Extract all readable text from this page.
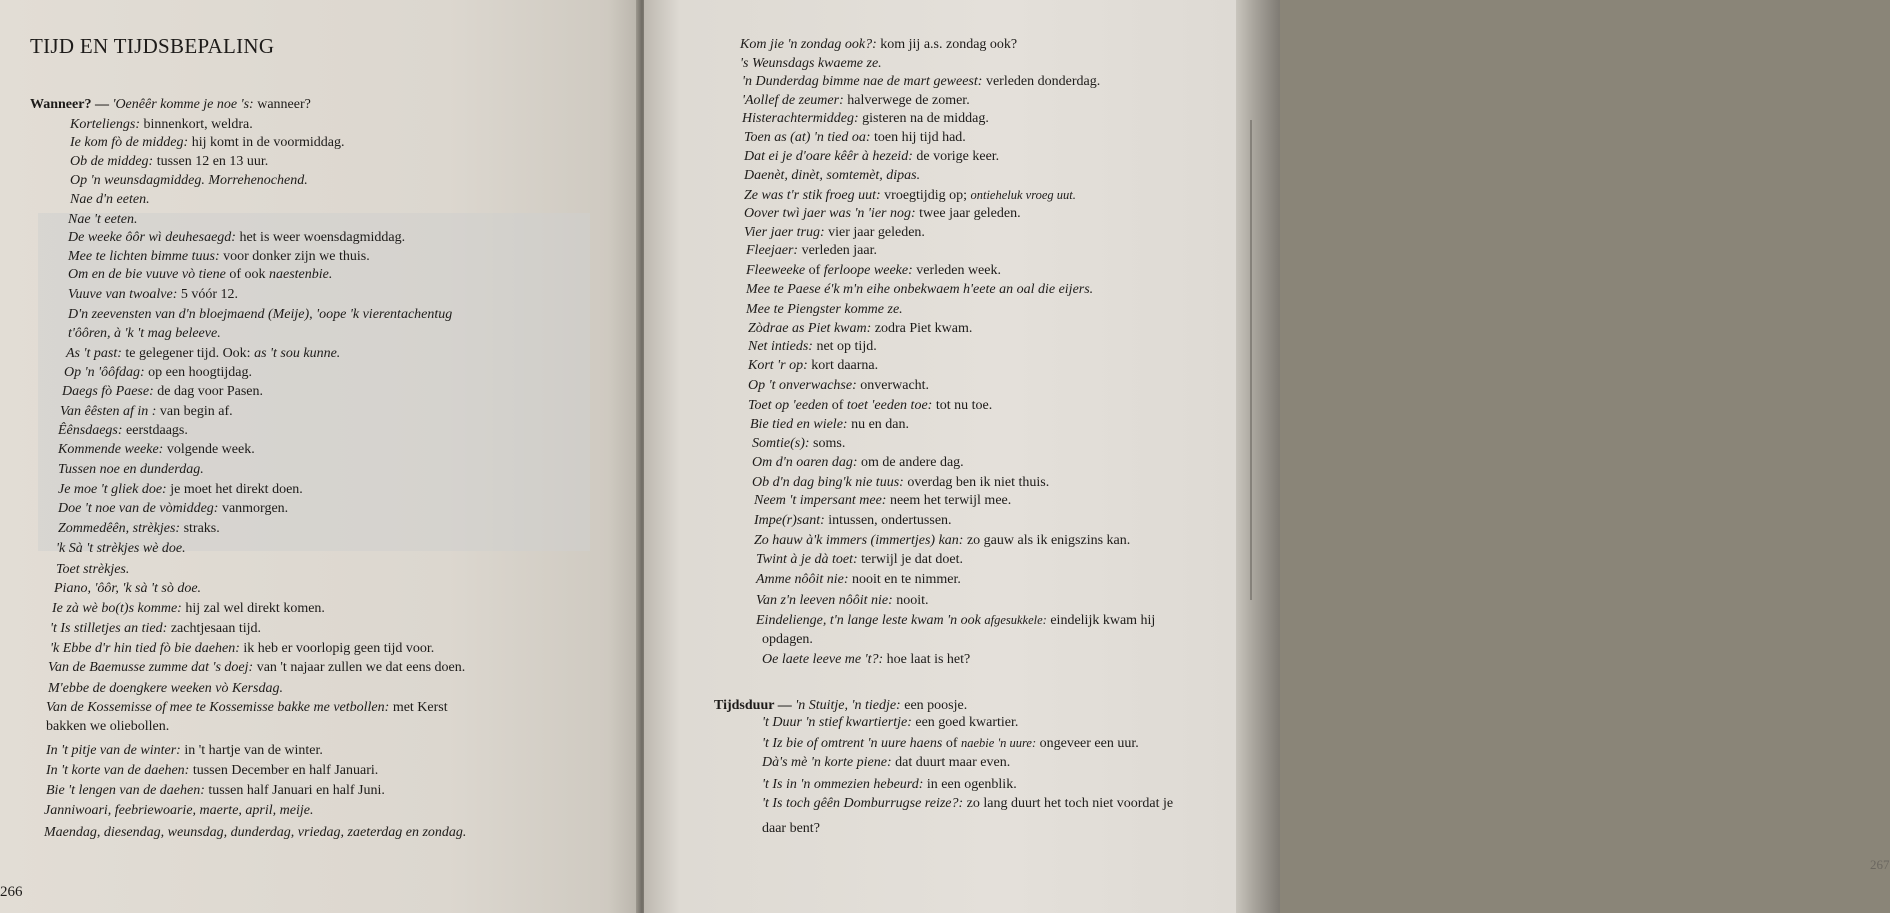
TIJD EN TIJDSBEPALING
Wanneer? — 'Oenêêr komme je noe 's: wanneer?
Korteliengs: binnenkort, weldra.
Ie kom fò de middeg: hij komt in de voormiddag.
Ob de middeg: tussen 12 en 13 uur.
Op 'n weunsdagmiddeg. Morrehenochend.
Nae d'n eeten.
Nae 't eeten.
De weeke ôôr wì deuhesaegd: het is weer woensdagmiddag.
Mee te lichten bimme tuus: voor donker zijn we thuis.
Om en de bie vuuve vò tiene of ook naestenbie.
Vuuve van twoalve: 5 vóór 12.
D'n zeevensten van d'n bloejmaend (Meije), 'oope 'k vierentachentug
t'ôôren, à 'k 't mag beleeve.
As 't past: te gelegener tijd. Ook: as 't sou kunne.
Op 'n 'ôôfdag: op een hoogtijdag.
Daegs fò Paese: de dag voor Pasen.
Van êêsten af in : van begin af.
Êênsdaegs: eerstdaags.
Kommende weeke: volgende week.
Tussen noe en dunderdag.
Je moe 't gliek doe: je moet het direkt doen.
Doe 't noe van de vòmiddeg: vanmorgen.
Zommedêên, strèkjes: straks.
'k Sà 't strèkjes wè doe.
Toet strèkjes.
Piano, 'ôôr, 'k sà 't sò doe.
Ie zà wè bo(t)s komme: hij zal wel direkt komen.
't Is stilletjes an tied: zachtjesaan tijd.
'k Ebbe d'r hin tied fò bie daehen: ik heb er voorlopig geen tijd voor.
Van de Baemusse zumme dat 's doej: van 't najaar zullen we dat eens doen.
M'ebbe de doengkere weeken vò Kersdag.
Van de Kossemisse of mee te Kossemisse bakke me vetbollen: met Kerst
bakken we oliebollen.
In 't pitje van de winter: in 't hartje van de winter.
In 't korte van de daehen: tussen December en half Januari.
Bie 't lengen van de daehen: tussen half Januari en half Juni.
Janniwoari, feebriewoarie, maerte, april, meije.
Maendag, diesendag, weunsdag, dunderdag, vriedag, zaeterdag en zondag.
266
Kom jie 'n zondag ook?: kom jij a.s. zondag ook?
's Weunsdags kwaeme ze.
'n Dunderdag bimme nae de mart geweest: verleden donderdag.
'Aollef de zeumer: halverwege de zomer.
Histerachtermiddeg: gisteren na de middag.
Toen as (at) 'n tied oa: toen hij tijd had.
Dat ei je d'oare kêêr à hezeid: de vorige keer.
Daenèt, dinèt, somtemèt, dipas.
Ze was t'r stik froeg uut: vroegtijdig op; ontieheluk vroeg uut.
Oover twì jaer was 'n 'ier nog: twee jaar geleden.
Vier jaer trug: vier jaar geleden.
Fleejaer: verleden jaar.
Fleeweeke of ferloope weeke: verleden week.
Mee te Paese é'k m'n eihe onbekwaem h'eete an oal die eijers.
Mee te Piengster komme ze.
Zòdrae as Piet kwam: zodra Piet kwam.
Net intieds: net op tijd.
Kort 'r op: kort daarna.
Op 't onverwachse: onverwacht.
Toet op 'eeden of toet 'eeden toe: tot nu toe.
Bie tied en wiele: nu en dan.
Somtie(s): soms.
Om d'n oaren dag: om de andere dag.
Ob d'n dag bing'k nie tuus: overdag ben ik niet thuis.
Neem 't impersant mee: neem het terwijl mee.
Impe(r)sant: intussen, ondertussen.
Zo hauw à'k immers (immertjes) kan: zo gauw als ik enigszins kan.
Twint à je dà toet: terwijl je dat doet.
Amme nôôit nie: nooit en te nimmer.
Van z'n leeven nôôit nie: nooit.
Eindelienge, t'n lange leste kwam 'n ook afgesukkele: eindelijk kwam hij
opdagen.
Oe laete leeve me 't?: hoe laat is het?
Tijdsduur — 'n Stuitje, 'n tiedje: een poosje.
't Duur 'n stief kwartiertje: een goed kwartier.
't Iz bie of omtrent 'n uure haens of naebie 'n uure: ongeveer een uur.
Dà's mè 'n korte piene: dat duurt maar even.
't Is in 'n ommezien hebeurd: in een ogenblik.
't Is toch gêên Domburrugse reize?: zo lang duurt het toch niet voordat je
daar bent?
267
